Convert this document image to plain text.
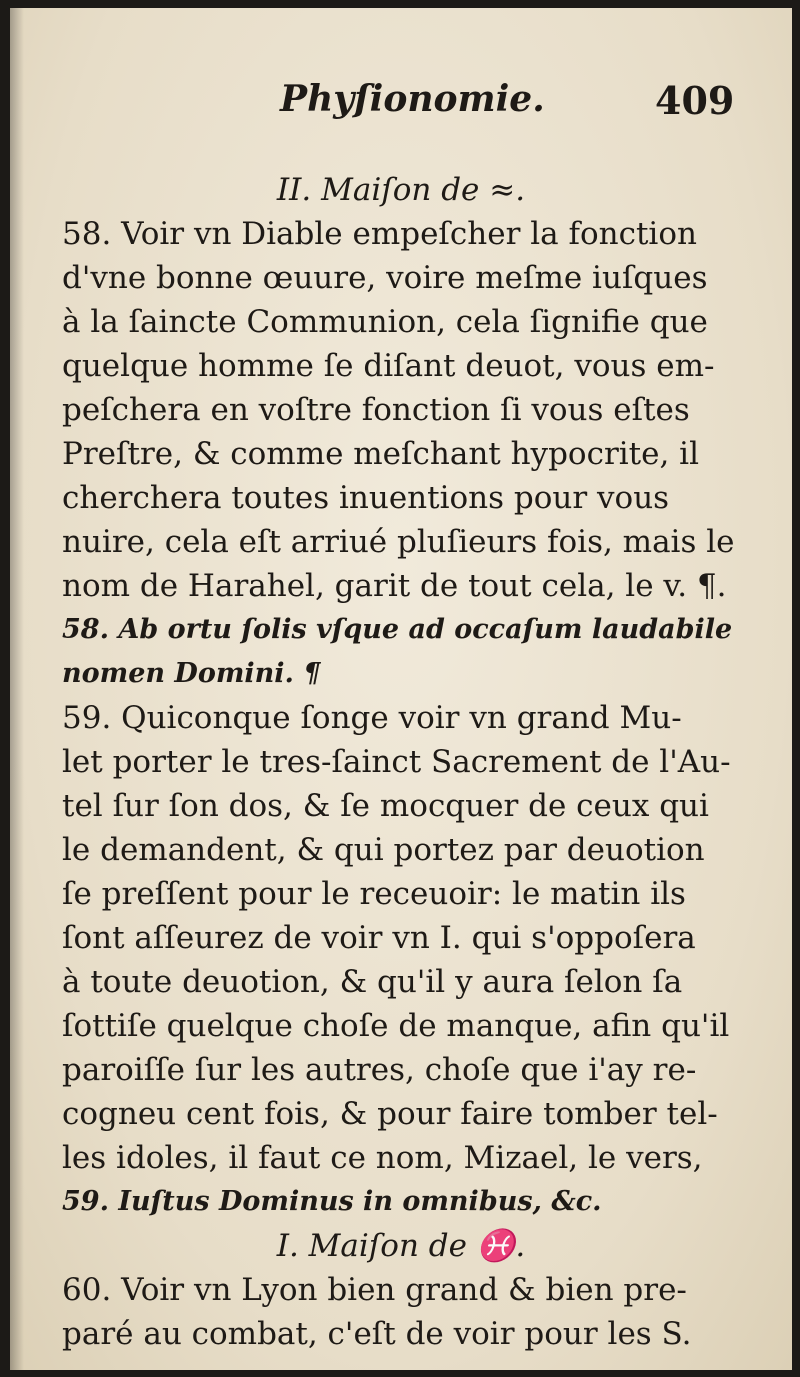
Phyſionomie.	409
II. Maiſon de ≈.
58. Voir vn Diable empeſcher la fonction
d'vne bonne œuure, voire meſme iuſques
à la ſaincte Communion, cela ſignifie que
quelque homme ſe diſant deuot, vous em-
peſchera en voſtre fonction ſi vous eſtes
Preſtre, & comme meſchant hypocrite, il
cherchera toutes inuentions pour vous
nuire, cela eſt arriué pluſieurs fois, mais le
nom de Harahel, garit de tout cela, le v. ¶.
58. Ab ortu ſolis vſque ad occaſum laudabile
nomen Domini. ¶
59. Quiconque ſonge voir vn grand Mu-
let porter le tres-ſainct Sacrement de l'Au-
tel ſur ſon dos, & ſe mocquer de ceux qui
le demandent, & qui portez par deuotion
ſe preſſent pour le receuoir: le matin ils
ſont aſſeurez de voir vn I. qui s'oppoſera
à toute deuotion, & qu'il y aura ſelon ſa
ſottiſe quelque choſe de manque, afin qu'il
paroiſſe ſur les autres, choſe que i'ay re-
cogneu cent fois, & pour faire tomber tel-
les idoles, il faut ce nom, Mizael, le vers,
59. Iuſtus Dominus in omnibus, &c.
I. Maiſon de ♓.
60. Voir vn Lyon bien grand & bien pre-
paré au combat, c'eſt de voir pour les S.
